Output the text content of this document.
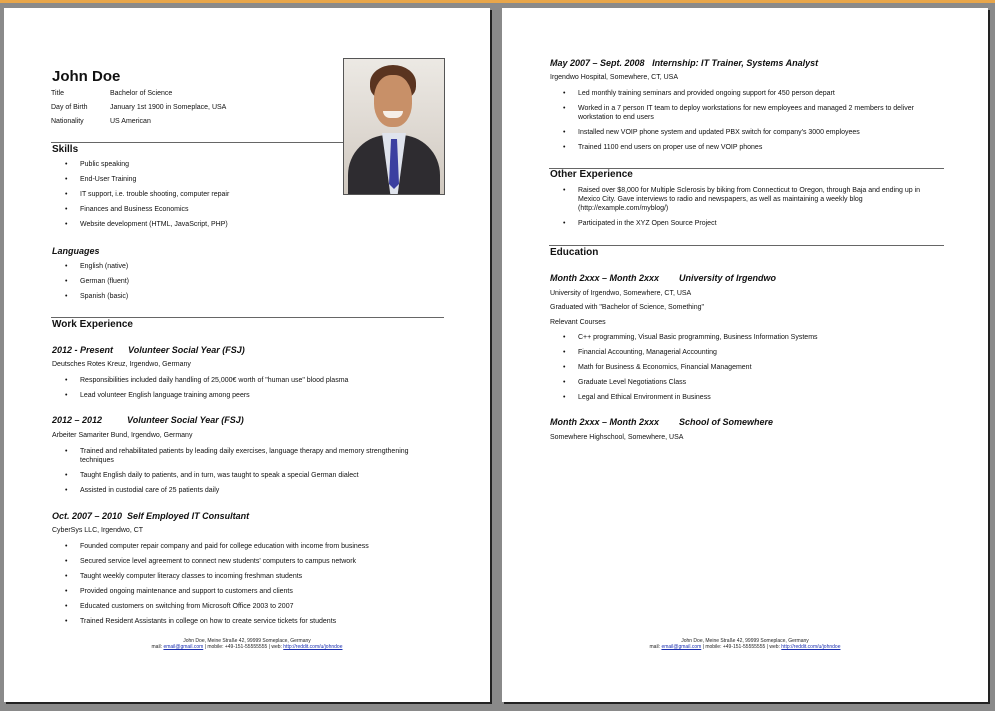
John Doe
Title	Bachelor of Science
Day of Birth	January 1st 1900 in Someplace, USA
Nationality	US American
Skills
• Public speaking
• End-User Training
• IT support, i.e. trouble shooting, computer repair
• Finances and Business Economics
• Website development (HTML, JavaScript, PHP)
Languages
• English (native)
• German (fluent)
• Spanish (basic)
Work Experience
2012 - Present      Volunteer Social Year (FSJ)
Deutsches Rotes Kreuz, Irgendwo, Germany
• Responsibilities included daily handling of 25,000€ worth of "human use" blood plasma
• Lead volunteer English language training among peers
2012 – 2012          Volunteer Social Year (FSJ)
Arbeiter Samariter Bund, Irgendwo, Germany
• Trained and rehabilitated patients by leading daily exercises, language therapy and memory strengthening techniques
• Taught English daily to patients, and in turn, was taught to speak a special German dialect
• Assisted in custodial care of 25 patients daily
Oct. 2007 – 2010  Self Employed IT Consultant
CyberSys LLC, Irgendwo, CT
• Founded computer repair company and paid for college education with income from business
• Secured service level agreement to connect new students' computers to campus network
• Taught weekly computer literacy classes to incoming freshman students
• Provided ongoing maintenance and support to customers and clients
• Educated customers on switching from Microsoft Office 2003 to 2007
• Trained Resident Assistants in college on how to create service tickets for students
John Doe, Meine Straße 42, 99999 Someplace, Germany
mail: email@gmail.com | mobile: +49-151-55555555 | web: http://reddit.com/u/johndoe
May 2007 – Sept. 2008   Internship: IT Trainer, Systems Analyst
Irgendwo Hospital, Somewhere, CT, USA
• Led monthly training seminars and provided ongoing support for 450 person depart
• Worked in a 7 person IT team to deploy workstations for new employees and managed 2 members to deliver workstation to end users
• Installed new VOIP phone system and updated PBX switch for company's 3000 employees
• Trained 1100 end users on proper use of new VOIP phones
Other Experience
• Raised over $8,000 for Multiple Sclerosis by biking from Connecticut to Oregon, through Baja and ending up in Mexico City. Gave interviews to radio and newspapers, as well as maintaining a weekly blog (http://example.com/myblog/)
• Participated in the XYZ Open Source Project
Education
Month 2xxx – Month 2xxx        University of Irgendwo
University of Irgendwo, Somewhere, CT, USA
Graduated with "Bachelor of Science, Something"
Relevant Courses
• C++ programming, Visual Basic programming, Business Information Systems
• Financial Accounting, Managerial Accounting
• Math for Business & Economics, Financial Management
• Graduate Level Negotiations Class
• Legal and Ethical Environment in Business
Month 2xxx – Month 2xxx        School of Somewhere
Somewhere Highschool, Somewhere, USA
John Doe, Meine Straße 42, 99999 Someplace, Germany
mail: email@gmail.com | mobile: +49-151-55555555 | web: http://reddit.com/u/johndoe
